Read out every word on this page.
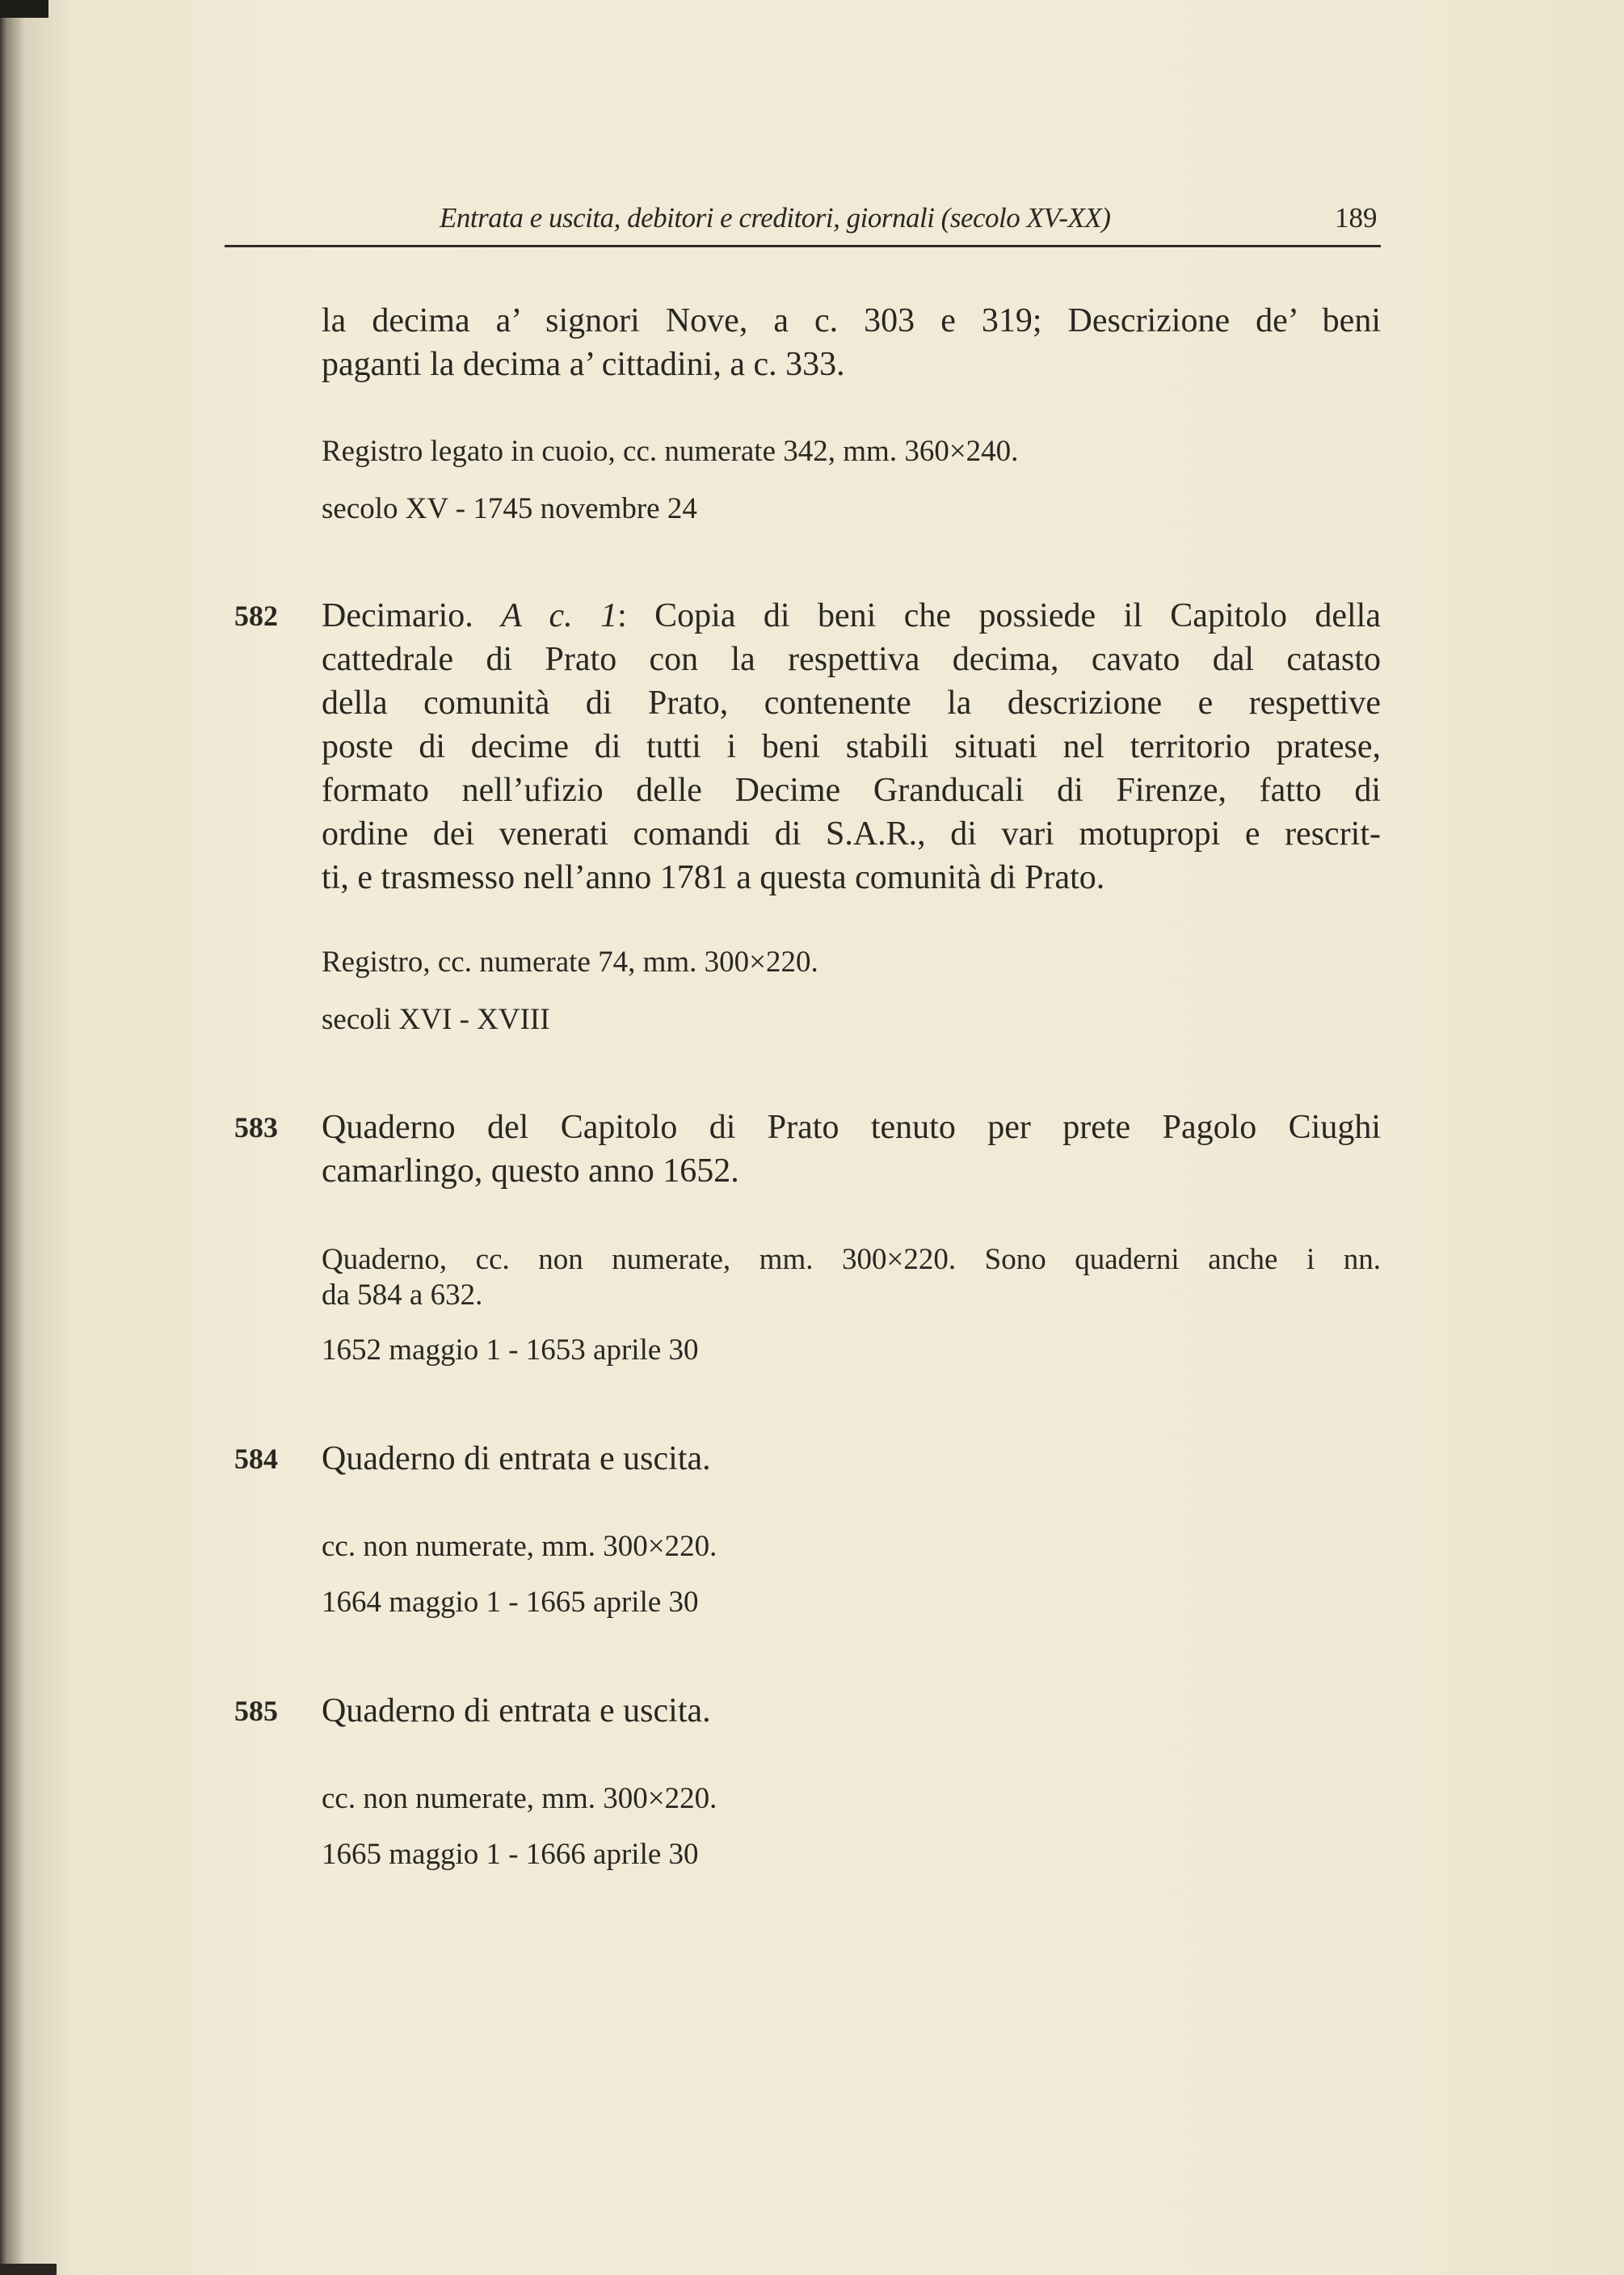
Entrata e uscita, debitori e creditori, giornali (secolo XV-XX)	189
la decima a’ signori Nove, a c. 303 e 319; Descrizione de’ beni
paganti la decima a’ cittadini, a c. 333.
Registro legato in cuoio, cc. numerate 342, mm. 360×240.
secolo XV - 1745 novembre 24
582 Decimario. A c. 1: Copia di beni che possiede il Capitolo della
cattedrale di Prato con la respettiva decima, cavato dal catasto
della comunità di Prato, contenente la descrizione e respettive
poste di decime di tutti i beni stabili situati nel territorio pratese,
formato nell’ufizio delle Decime Granducali di Firenze, fatto di
ordine dei venerati comandi di S.A.R., di vari motupropi e rescrit-
ti, e trasmesso nell’anno 1781 a questa comunità di Prato.
Registro, cc. numerate 74, mm. 300×220.
secoli XVI - XVIII
583 Quaderno del Capitolo di Prato tenuto per prete Pagolo Ciughi
camarlingo, questo anno 1652.
Quaderno, cc. non numerate, mm. 300×220. Sono quaderni anche i nn.
da 584 a 632.
1652 maggio 1 - 1653 aprile 30
584 Quaderno di entrata e uscita.
cc. non numerate, mm. 300×220.
1664 maggio 1 - 1665 aprile 30
585 Quaderno di entrata e uscita.
cc. non numerate, mm. 300×220.
1665 maggio 1 - 1666 aprile 30
